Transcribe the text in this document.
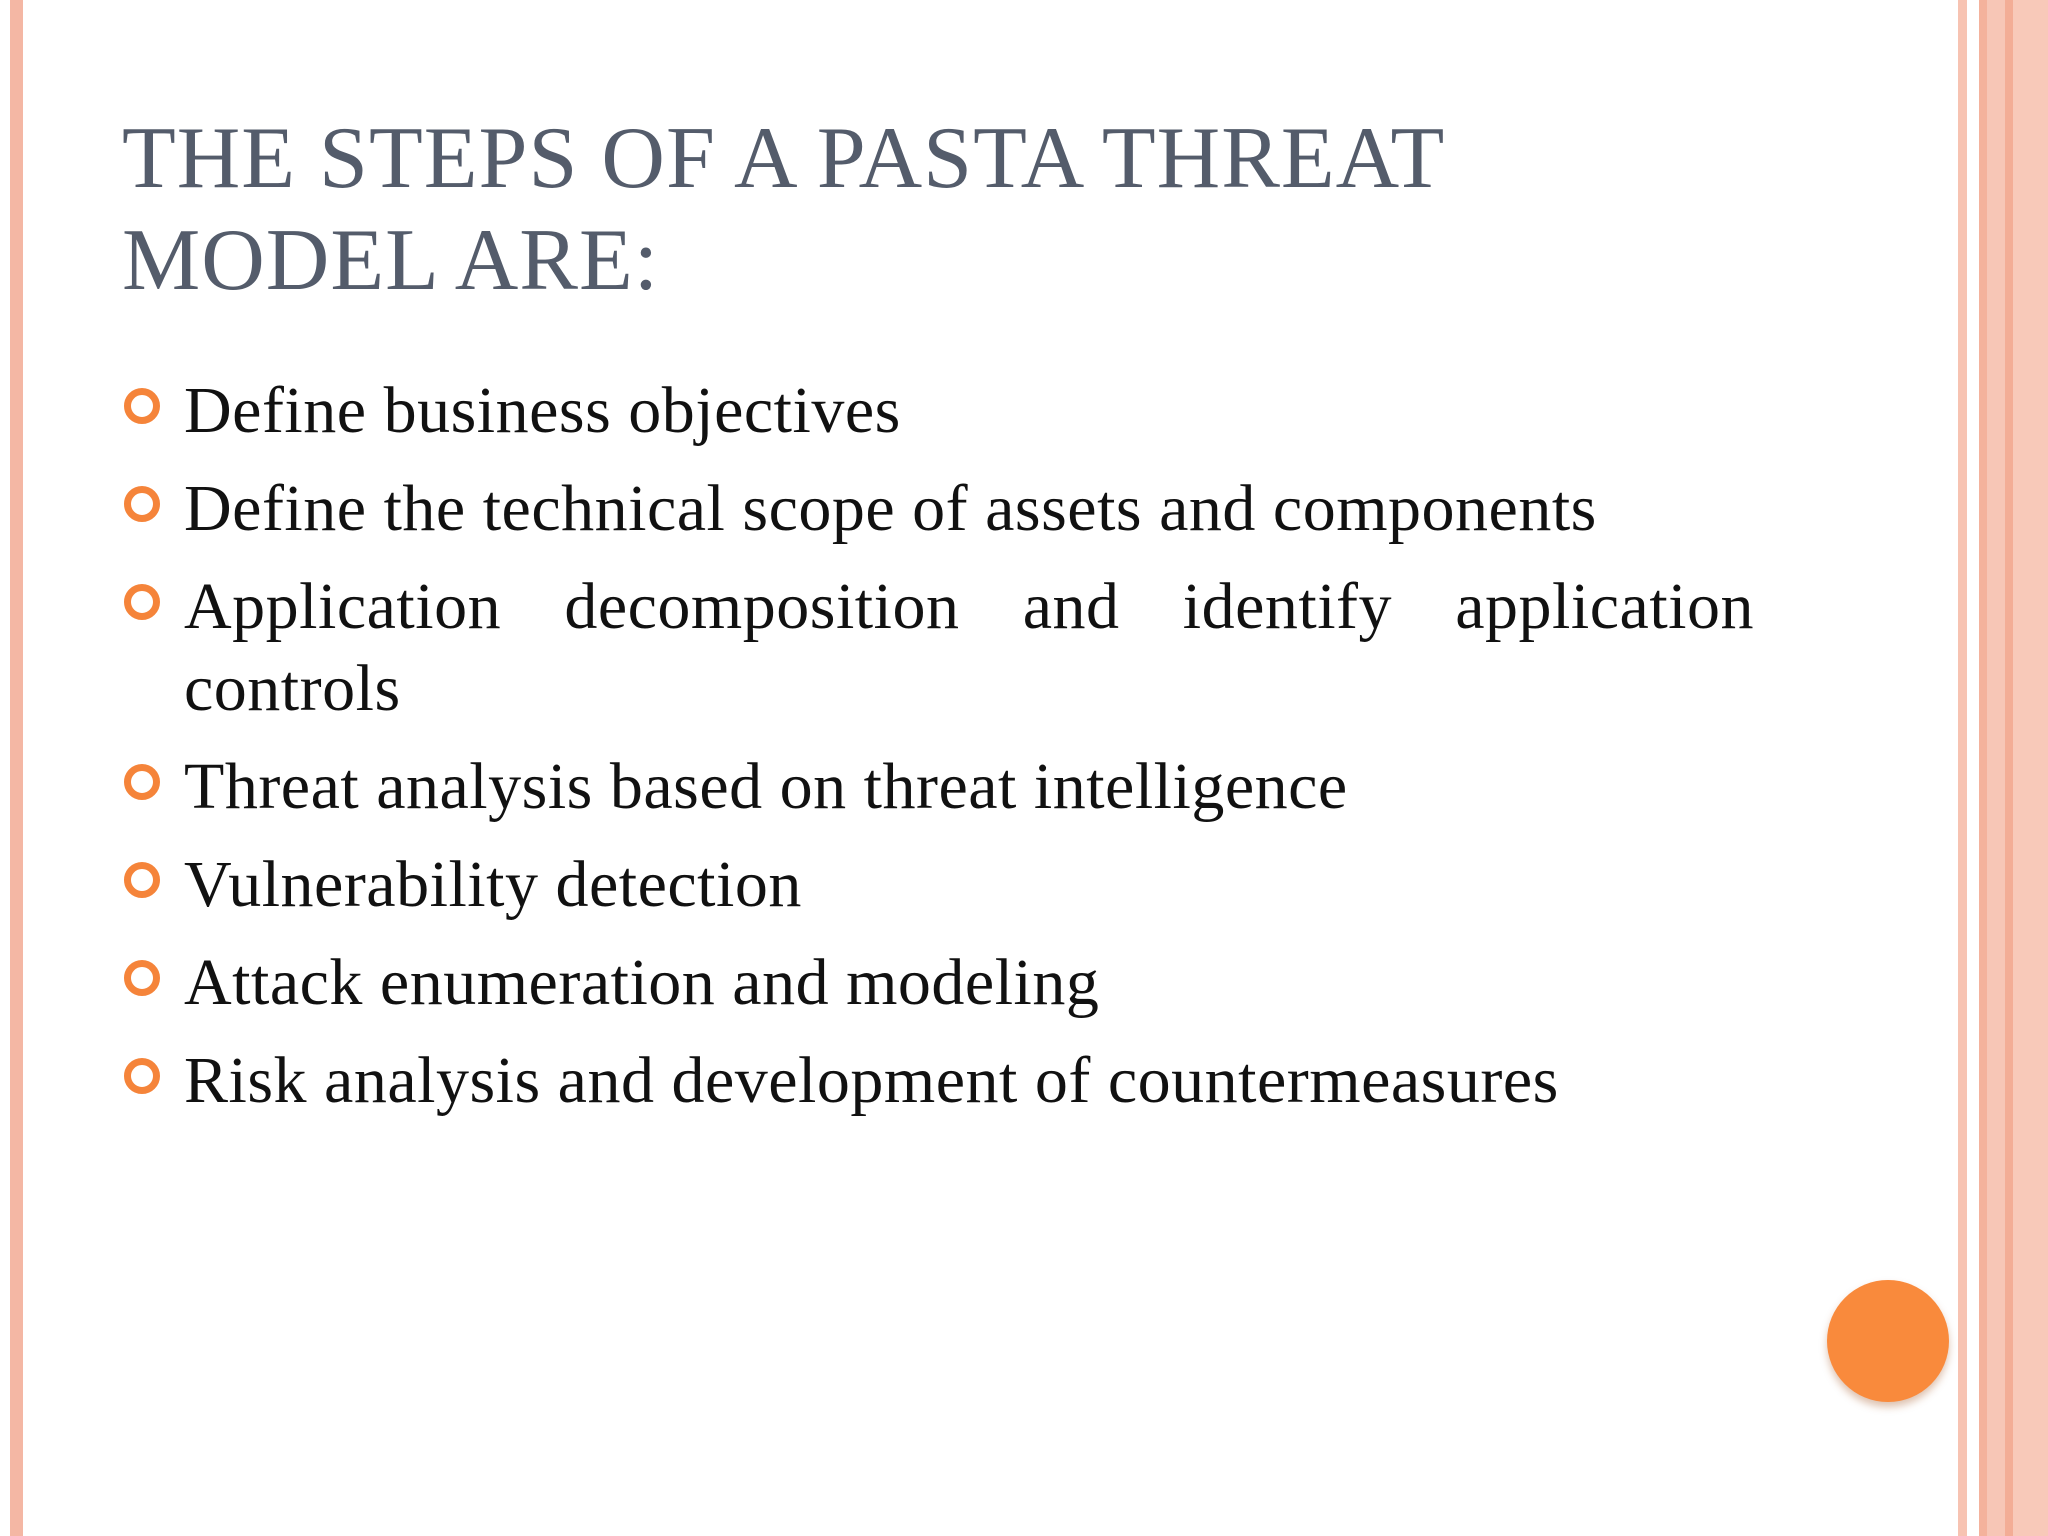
THE STEPS OF A PASTA THREAT MODEL ARE:
Define business objectives
Define the technical scope of assets and components
Application decomposition and identify application controls
Threat analysis based on threat intelligence
Vulnerability detection
Attack enumeration and modeling
Risk analysis and development of countermeasures
